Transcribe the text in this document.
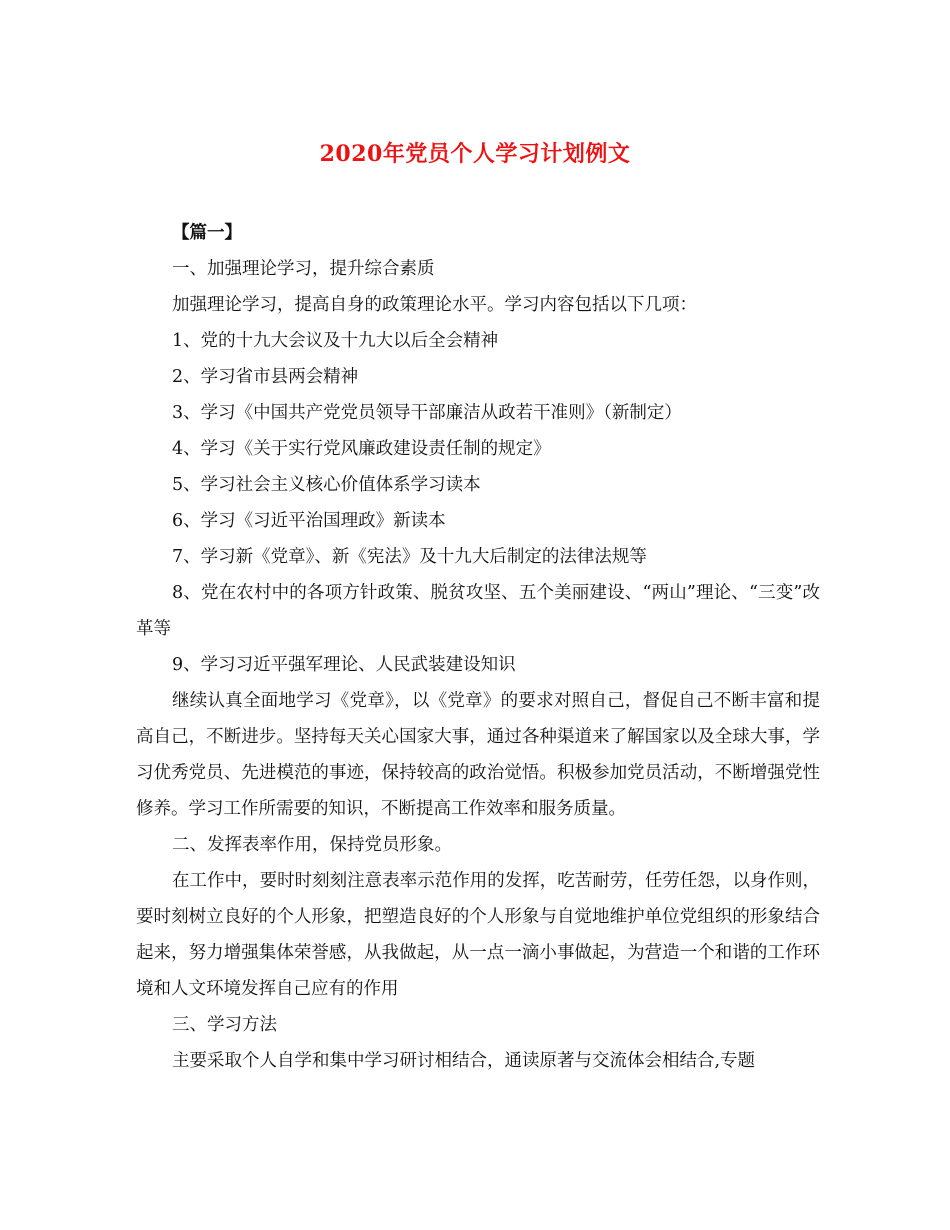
2020年党员个人学习计划例文

【篇一】

一、加强理论学习，提升综合素质

加强理论学习，提高自身的政策理论水平。学习内容包括以下几项：

1、党的十九大会议及十九大以后全会精神

2、学习省市县两会精神

3、学习《中国共产党党员领导干部廉洁从政若干准则》（新制定）

4、学习《关于实行党风廉政建设责任制的规定》

5、学习社会主义核心价值体系学习读本

6、学习《习近平治国理政》新读本

7、学习新《党章》、新《宪法》及十九大后制定的法律法规等

8、党在农村中的各项方针政策、脱贫攻坚、五个美丽建设、“两山”理论、“三变”改革等

9、学习习近平强军理论、人民武装建设知识

继续认真全面地学习《党章》，以《党章》的要求对照自己，督促自己不断丰富和提高自己，不断进步。坚持每天关心国家大事，通过各种渠道来了解国家以及全球大事，学习优秀党员、先进模范的事迹，保持较高的政治觉悟。积极参加党员活动，不断增强党性修养。学习工作所需要的知识，不断提高工作效率和服务质量。

二、发挥表率作用，保持党员形象。

在工作中，要时时刻刻注意表率示范作用的发挥，吃苦耐劳，任劳任怨，以身作则，要时刻树立良好的个人形象，把塑造良好的个人形象与自觉地维护单位党组织的形象结合起来，努力增强集体荣誉感，从我做起，从一点一滴小事做起，为营造一个和谐的工作环境和人文环境发挥自己应有的作用

三、学习方法

主要采取个人自学和集中学习研讨相结合，通读原著与交流体会相结合,专题
